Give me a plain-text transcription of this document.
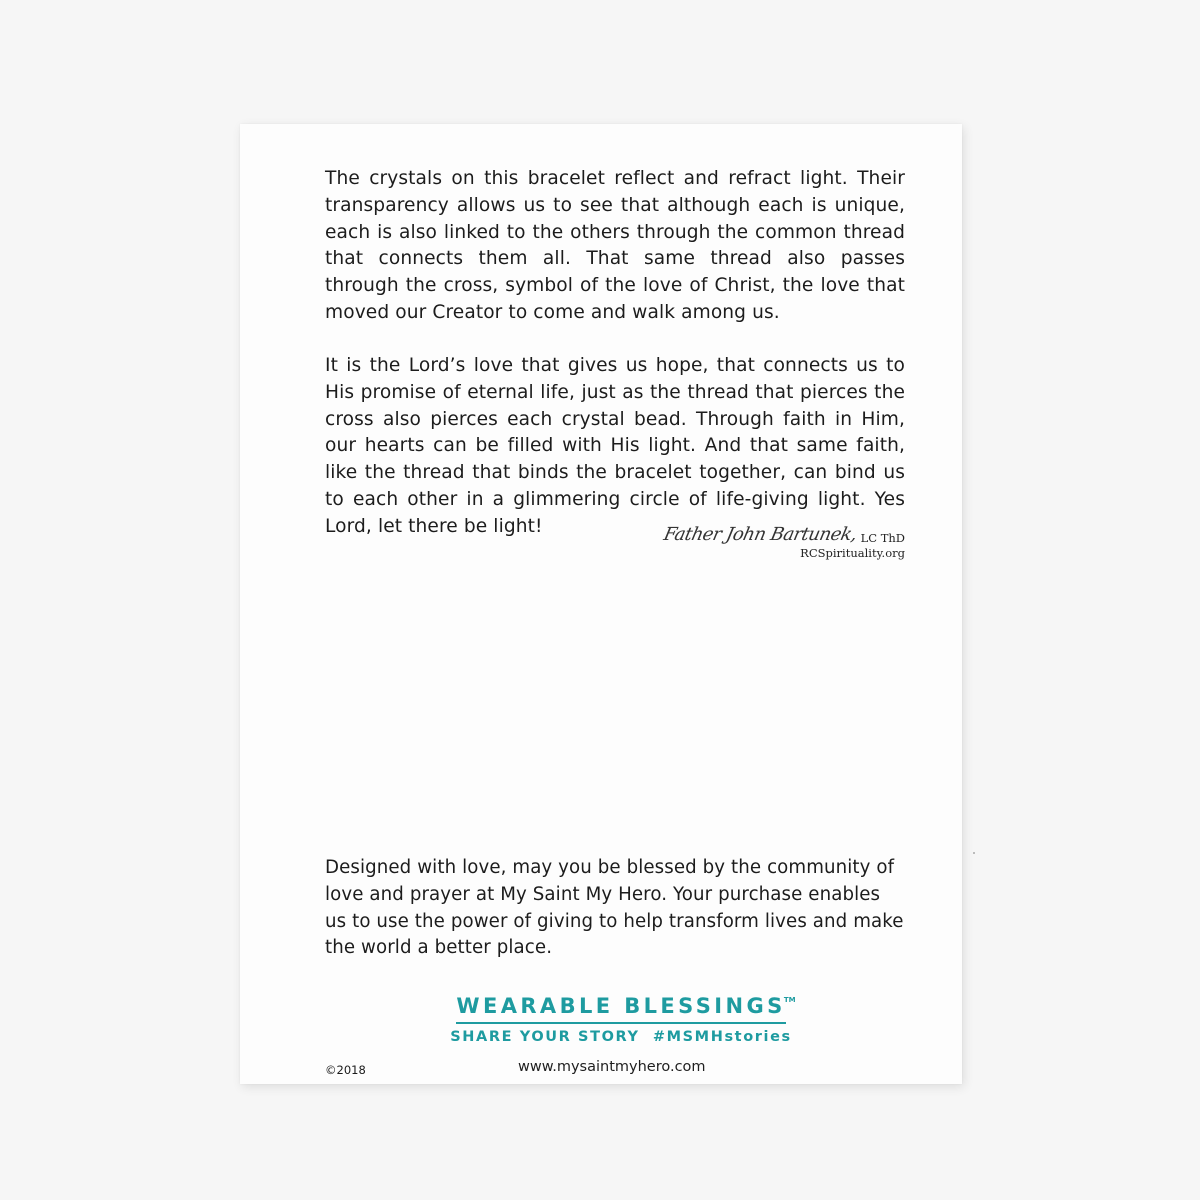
The crystals on this bracelet reflect and refract light. Their transparency allows us to see that although each is unique, each is also linked to the others through the common thread that connects them all. That same thread also passes through the cross, symbol of the love of Christ, the love that moved our Creator to come and walk among us.

It is the Lord’s love that gives us hope, that connects us to His promise of eternal life, just as the thread that pierces the cross also pierces each crystal bead. Through faith in Him, our hearts can be filled with His light. And that same faith, like the thread that binds the bracelet together, can bind us to each other in a glimmering circle of life-giving light. Yes Lord, let there be light!	Father John Bartunek, LC ThD
RCSpirituality.org

Designed with love, may you be blessed by the community of love and prayer at My Saint My Hero. Your purchase enables us to use the power of giving to help transform lives and make the world a better place.

WEARABLE BLESSINGS
TM
SHARE YOUR STORY  #MSMHstories
©2018	www.mysaintmyhero.com
